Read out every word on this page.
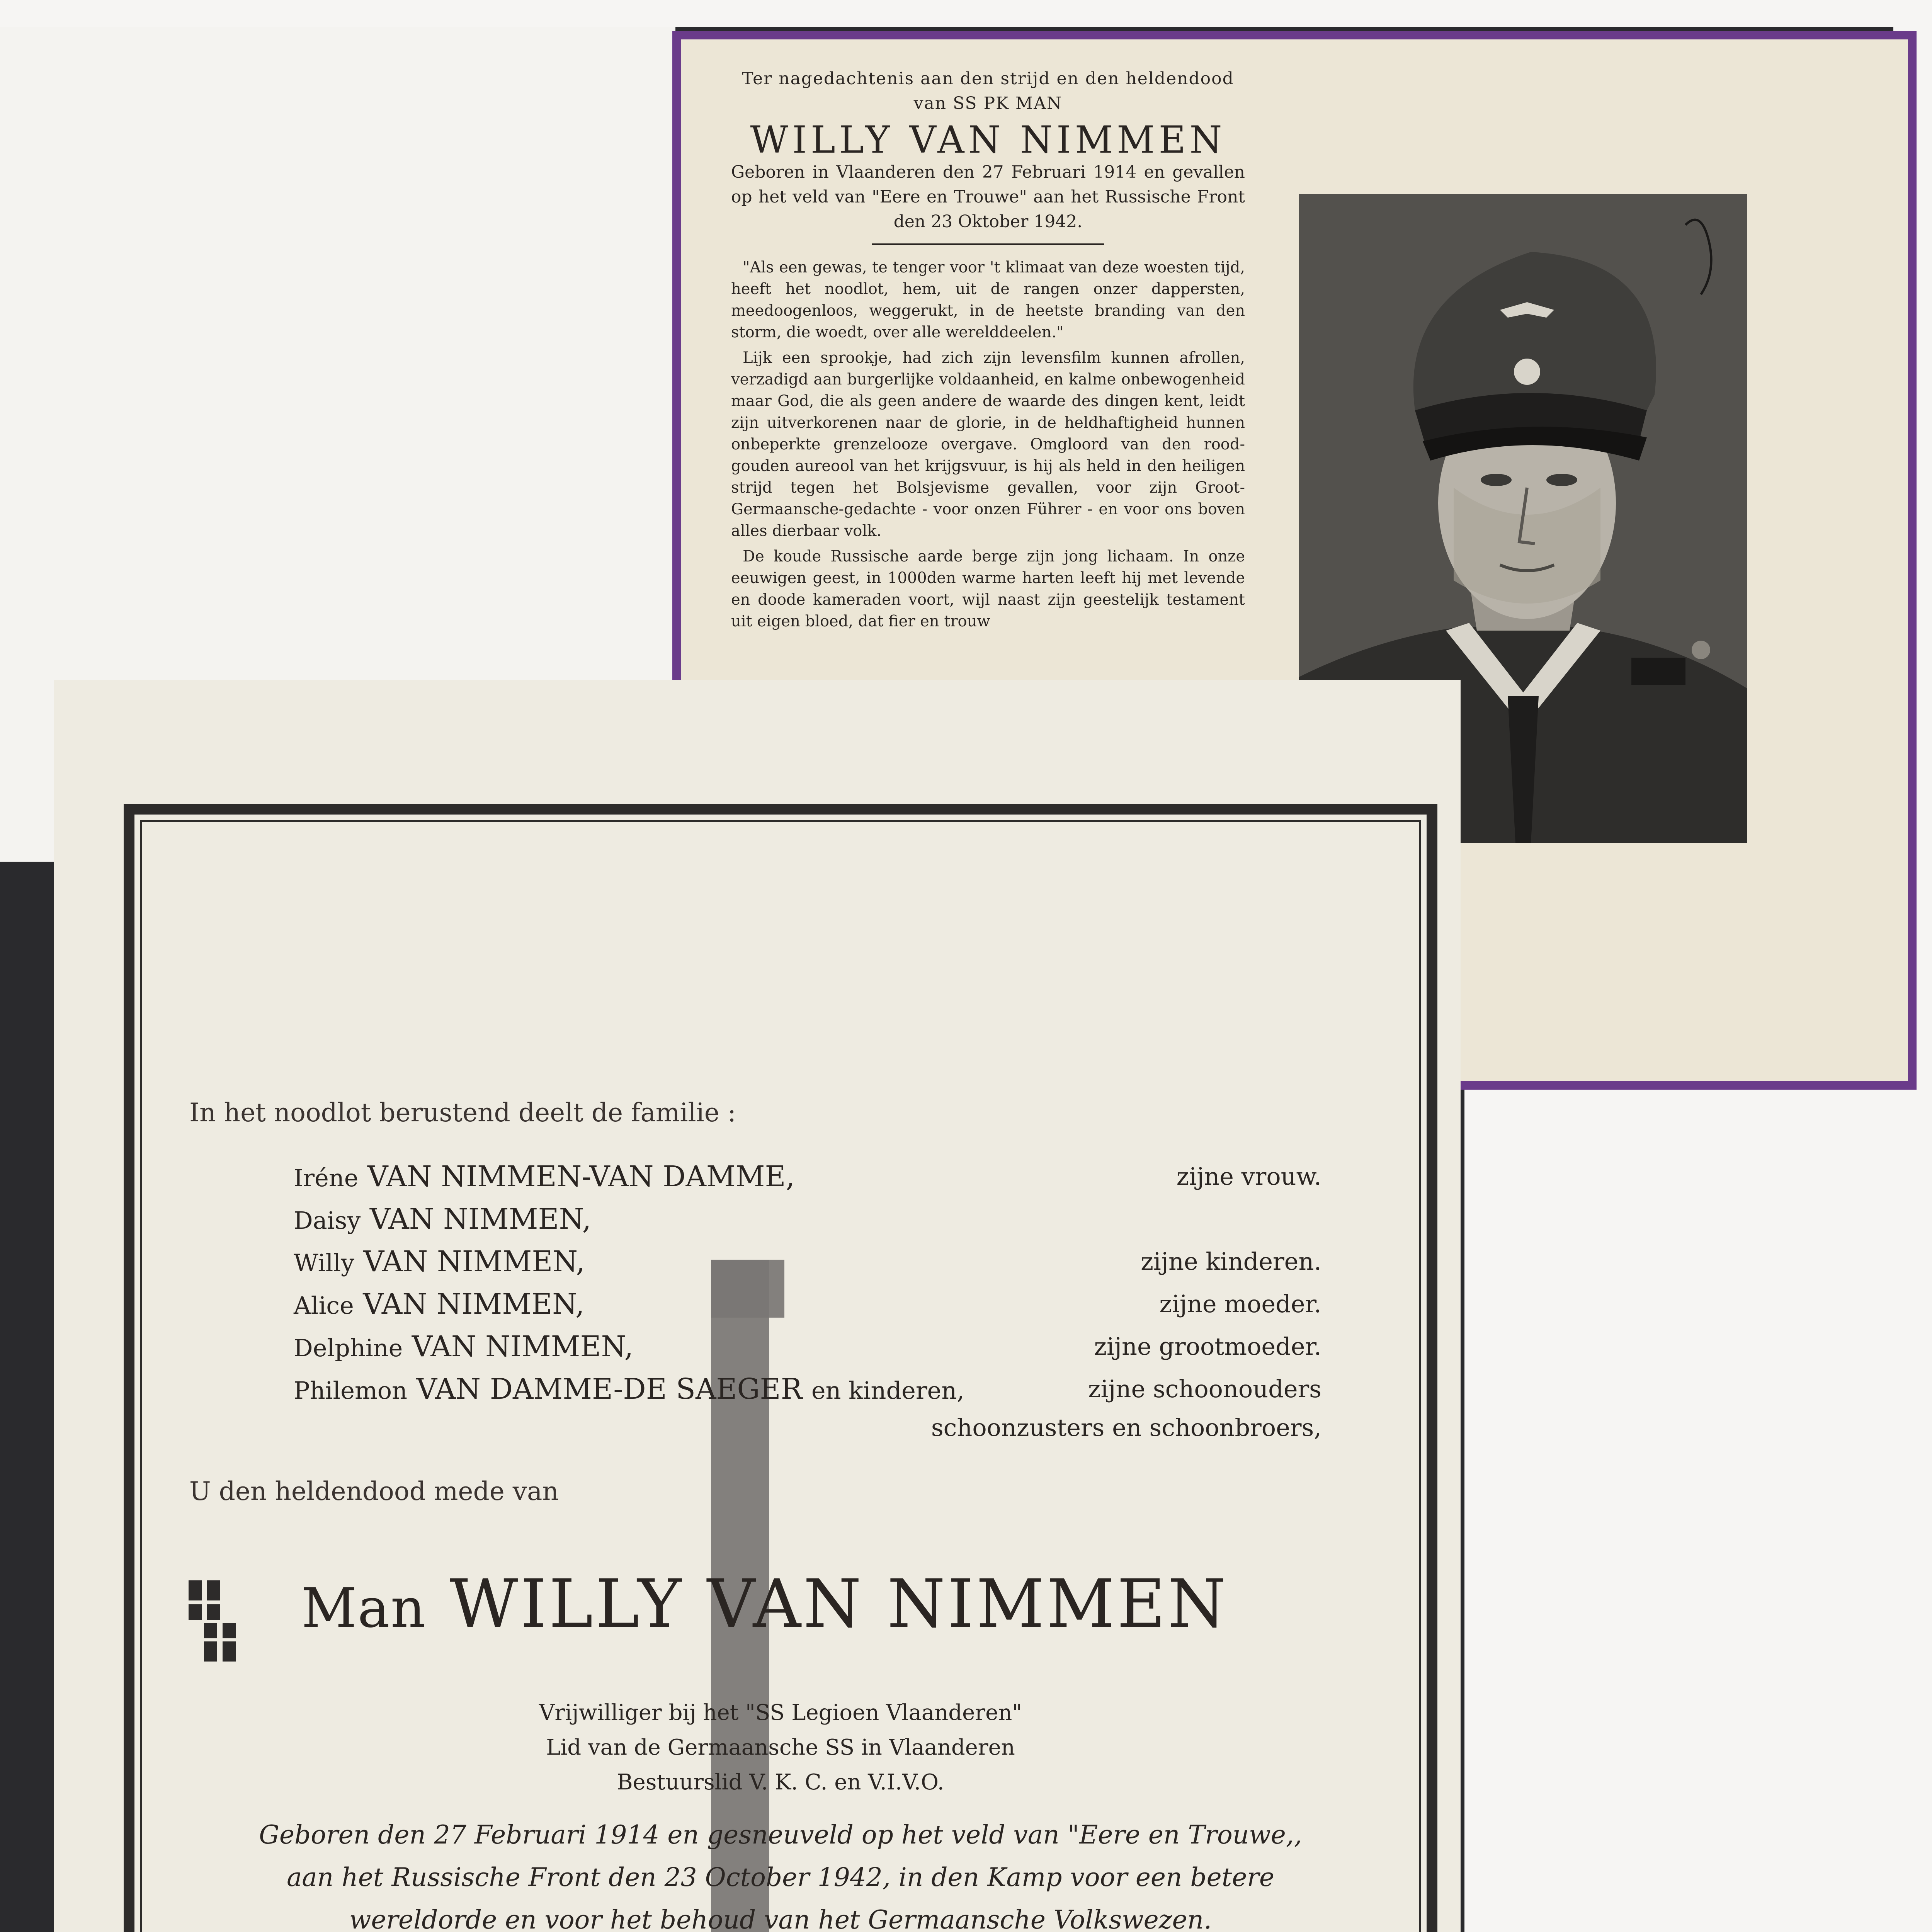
Ter nagedachtenis aan den strijd en den heldendood
van SS PK MAN
WILLY VAN NIMMEN
Geboren in Vlaanderen den 27 Februari 1914 en gevallen op het veld van "Eere en Trouwe" aan het Russische Front den 23 Oktober 1942.

"Als een gewas, te tenger voor 't klimaat van deze woesten tijd, heeft het noodlot, hem, uit de rangen onzer dappersten, meedoogenloos, weggerukt, in de heetste branding van den storm, die woedt, over alle werelddeelen."

Lijk een sprookje, had zich zijn levensfilm kunnen afrollen, verzadigd aan burgerlijke voldaanheid, en kalme onbewogenheid maar God, die als geen andere de waarde des dingen kent, leidt zijn uitverkorenen naar de glorie, in de heldhaftigheid hunnen onbeperkte grenzelooze overgave. Omgloord van den rood-gouden aureool van het krijgsvuur, is hij als held in den heiligen strijd tegen het Bolsjevisme gevallen, voor zijn Groot-Germaansche-gedachte - voor onzen Führer - en voor ons boven alles dierbaar volk.

De koude Russische aarde berge zijn jong lichaam. In onze eeuwigen geest, in 1000den warme harten leeft hij met levende en doode kameraden voort, wijl naast zijn geestelijk testament uit eigen bloed, dat fier en trouw

In het noodlot berustend deelt de familie :
Iréne VAN NIMMEN-VAN DAMME,	zijne vrouw.
Daisy VAN NIMMEN,
Willy VAN NIMMEN,	zijne kinderen.
Alice VAN NIMMEN,	zijne moeder.
Delphine VAN NIMMEN,	zijne grootmoeder.
Philemon VAN DAMME-DE SAEGER en kinderen,	zijne schoonouders
schoonzusters en schoonbroers,
U den heldendood mede van
Man WILLY VAN NIMMEN
Vrijwilliger bij het "SS Legioen Vlaanderen"
Lid van de Germaansche SS in Vlaanderen
Bestuurslid V. K. C. en V.I.V.O.
Geboren den 27 Februari 1914 en gesneuveld op het veld van "Eere en Trouwe,,
aan het Russische Front den 23 October 1942, in den Kamp voor een betere
wereldorde en voor het behoud van het Germaansche Volkswezen.
